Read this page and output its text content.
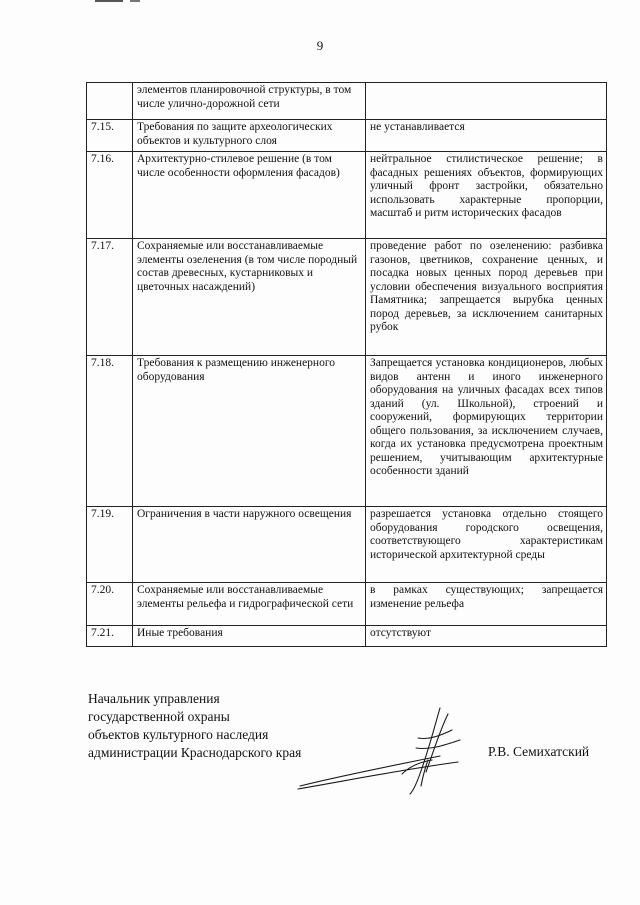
9
	элементов планировочной структуры, в том числе улично-дорожной сети	
7.15.	Требования по защите археологических объектов и культурного слоя	не устанавливается
7.16.	Архитектурно-стилевое решение (в том числе особенности оформления фасадов)	нейтральное стилистическое решение; в фасадных решениях объектов, формирующих уличный фронт застройки, обязательно использовать характерные пропорции, масштаб и ритм исторических фасадов
7.17.	Сохраняемые или восстанавливаемые элементы озеленения (в том числе породный состав древесных, кустарниковых и цветочных насаждений)	проведение работ по озеленению: разбивка газонов, цветников, сохранение ценных, и посадка новых ценных пород деревьев при условии обеспечения визуального восприятия Памятника; запрещается вырубка ценных пород деревьев, за исключением санитарных рубок
7.18.	Требования к размещению инженерного оборудования	Запрещается установка кондиционеров, любых видов антенн и иного инженерного оборудования на уличных фасадах всех типов зданий (ул. Школьной), строений и сооружений, формирующих территории общего пользования, за исключением случаев, когда их установка предусмотрена проектным решением, учитывающим архитектурные особенности зданий
7.19.	Ограничения в части наружного освещения	разрешается установка отдельно стоящего оборудования городского освещения, соответствующего характеристикам исторической архитектурной среды
7.20.	Сохраняемые или восстанавливаемые элементы рельефа и гидрографической сети	в рамках существующих; запрещается изменение рельефа
7.21.	Иные требования	отсутствуют
Начальник управления
государственной охраны
объектов культурного наследия
администрации Краснодарского края	Р.В. Семихатский
